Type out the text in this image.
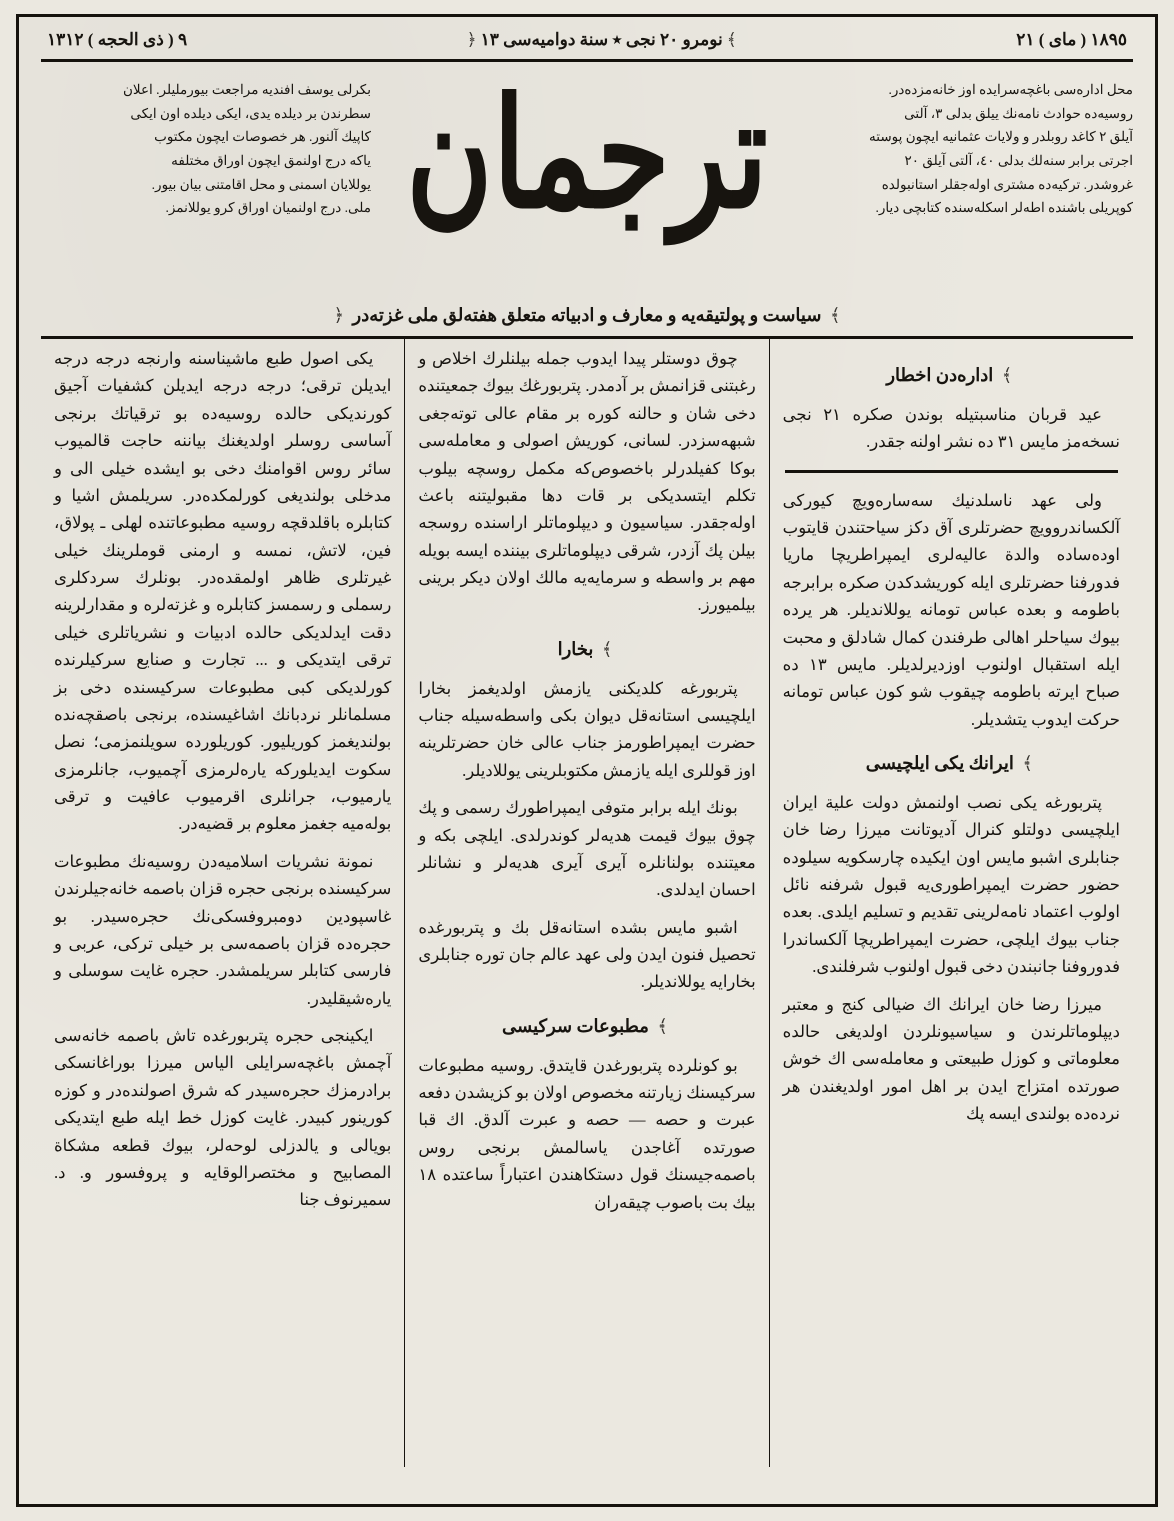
١٨٩٥ ( مای ) ٢١
﴾نومرو ٢٠ نجی ٭ سنة دوامیه‌سی ١٣﴿
٩ ( ذی الحجه ) ١٣١٢
محل اداره‌سی باغچه‌سرایده اوز خانه‌مزده‌در.
روسیه‌ده حوادث نامه‌نك ییلق بدلی ٣، آلتی
آیلق ٢ کاغد روبلدر و ولایات عثمانیه ایچون پوسته
اجرتی برابر سنه‌لك بدلی ٤٠، آلتی آیلق ٢٠
غروشدر. ترکیه‌ده مشتری اوله‌جقلر استانبولده
کوپریلی باشنده اطه‌لر اسکله‌سنده کتابچی دیار.
ترجمان
بکرلی یوسف افندیه مراجعت بیورملیلر. اعلان
سطرندن بر دیلده یدی، ایکی دیلده اون ایکی
کاپیك آلنور. هر خصوصات ایچون مکتوب
یاکه درج اولنمق ایچون اوراق مختلفه
یوللایان اسمنی و محل اقامتنی بیان بیور.
ملی. درج اولنمیان اوراق کرو یوللانمز.
﴾ سیاست و پولتیقه‌یه و معارف و ادبیاته متعلق هفته‌لق ملی غزته‌در ﴿
﴾ اداره‌دن اخطار

عید قربان مناسبتیله بوندن صکره ٢١ نجی نسخه‌مز مایس ٣١ ده نشر اولنه جقدر.

ولی عهد ناسلدنیك سه‌ساره‌ویچ کیورکی آلکساندروویچ حضرتلری آق دکز سیاحتندن قایتوب اوده‌ساده والدة عالیه‌لری ایمپراطریچا ماریا فدورفنا حضرتلری ایله کوریشدکدن صکره برابرجه باطومه و بعده عباس تومانه یوللاندیلر. هر یرده بیوك سیاحلر اهالی طرفندن کمال شادلق و محبت ایله استقبال اولنوب اوزدیرلدیلر. مایس ١٣ ده صباح ایرته باطومه چیقوب شو کون عباس تومانه حرکت ایدوب یتشدیلر.

﴾ ایرانك یكی ایلچیسی

پتربورغه یكی نصب اولنمش دولت علیة ایران ایلچیسی دولتلو کنرال آدیوتانت میرزا رضا خان جنابلری اشبو مایس اون ایكیده چارسکویه سیلوده حضور حضرت ایمپراطوری‌یه قبول شرفنه نائل اولوب اعتماد نامه‌لرینی تقدیم و تسلیم ایلدی. بعده جناب بیوك ایلچی، حضرت ایمپراطریچا آلکساندرا فدوروفنا جانبندن دخی قبول اولنوب شرفلندی.

میرزا رضا خان ایرانك اك ضیالی کنج و معتبر دیپلوماتلرندن و سیاسیونلردن اولدیغی حالده معلوماتی و کوزل طبیعتی و معامله‌سی اك خوش صورتده امتزاج ایدن بر اهل امور اولدیغندن هر نرده‌ده بولندی ایسه پك

چوق دوستلر پیدا ایدوب جمله بیلنلرك اخلاص و رغبتنی قزانمش بر آدمدر. پتربورغك بیوك جمعیتنده دخی شان و حالنه کوره بر مقام عالی توته‌جغی شبهه‌سزدر. لسانی، کوریش اصولی و معامله‌سی بوکا کفیلدرلر باخصوص‌که مکمل روسچه بیلوب تکلم ایتسدیکی بر قات دها مقبولیتنه باعث اوله‌جقدر. سیاسیون و دیپلوماتلر اراسنده روسجه بیلن پك آزدر، شرقی دیپلوماتلری بیننده ایسه بویله مهم بر واسطه و سرمایه‌یه مالك اولان دیكر برینی بیلمیورز.

﴾ بخارا

پتربورغه کلدیكنی یازمش اولدیغمز بخارا ایلچیسی استانه‌قل دیوان بكی واسطه‌سیله جناب حضرت ایمپراطورمز جناب عالی خان حضرتلرینه اوز قوللری ایله یازمش مکتوبلرینی یوللادیلر.

بونك ایله برابر متوفی ایمپراطورك رسمی و پك چوق بیوك قیمت هدیه‌لر کوندرلدی. ایلچی بکه و معیتنده بولنانلره آیری آیری هدیه‌لر و نشانلر احسان ایدلدی.

اشبو مایس بشده استانه‌قل بك و پتربورغده تحصیل فنون ایدن ولی عهد عالم جان توره جنابلری بخارایه یوللاندیلر.

﴾ مطبوعات سرکیسی

بو کونلرده پتربورغدن قایتدق. روسیه مطبوعات سرکیسنك زیارتنه مخصوص اولان بو کزیشدن دفعه عبرت و حصه — حصه و عبرت آلدق. اك قبا صورتده آغاجدن یاسالمش برنجی روس باصمه‌جیسنك قول دستکاهندن اعتباراً ساعتده ١٨ بیك بت باصوب چیقه‌ران

یكی اصول طبع ماشیناسنه وارنجه درجه درجه ایدیلن ترقی؛ درجه درجه ایدیلن کشفیات آجیق کورندیکی حالده روسیه‌ده بو ترقیاتك برنجی آساسی روسلر اولدیغنك بیاننه حاجت قالمیوب سائر روس اقوامنك دخی بو ایشده خیلی الی و مدخلی بولندیغی کورلمکده‌در. سریلمش اشیا و کتابلره باقلدقچه روسیه مطبوعاتنده لهلی ـ پولاق، فین، لاتش، نمسه و ارمنی قوملرینك خیلی غیرتلری ظاهر اولمقده‌در. بونلرك سردکلری رسملی و رسمسز کتابلره و غزته‌لره و مقدارلرینه دقت ایدلدیکی حالده ادبیات و نشریاتلری خیلی ترقی ایتدیکی و ... تجارت و صنایع سرکیلرنده کورلدیکی کبی مطبوعات سرکیسنده دخی بز مسلمانلر نردبانك اشاغیسنده، برنجی باصقچه‌نده بولندیغمز کوریلیور. کوریلورده سویلنمزمی؛ نصل سکوت ایدیلورکه یاره‌لرمزی آچمیوب، جانلرمزی یارمیوب، جرانلری اقرمیوب عافیت و ترقی بوله‌میه جغمز معلوم بر قضیه‌در.

نمونة نشریات اسلامیه‌دن روسیه‌نك مطبوعات سرکیسنده برنجی حجره قزان باصمه خانه‌جیلرندن غاسپودین دومبروفسکی‌نك حجره‌سیدر. بو حجره‌ده قزان باصمه‌سی بر خیلی ترکی، عربی و فارسی کتابلر سریلمشدر. حجره غایت سوسلی و یاره‌شیقلیدر.

ایکینجی حجره پتربورغده تاش باصمه خانه‌سی آچمش باغچه‌سرایلی الیاس میرزا بوراغانسکی برادرمزك حجره‌سیدر که شرق اصولنده‌در و کوزه کورینور کبیدر. غایت کوزل خط ایله طبع ایتدیكی بویالی و یالدزلی لوحه‌لر، بیوك قطعه مشکاة المصابیح و مختصرالوقایه و پروفسور و. د. سمیرنوف جنا
